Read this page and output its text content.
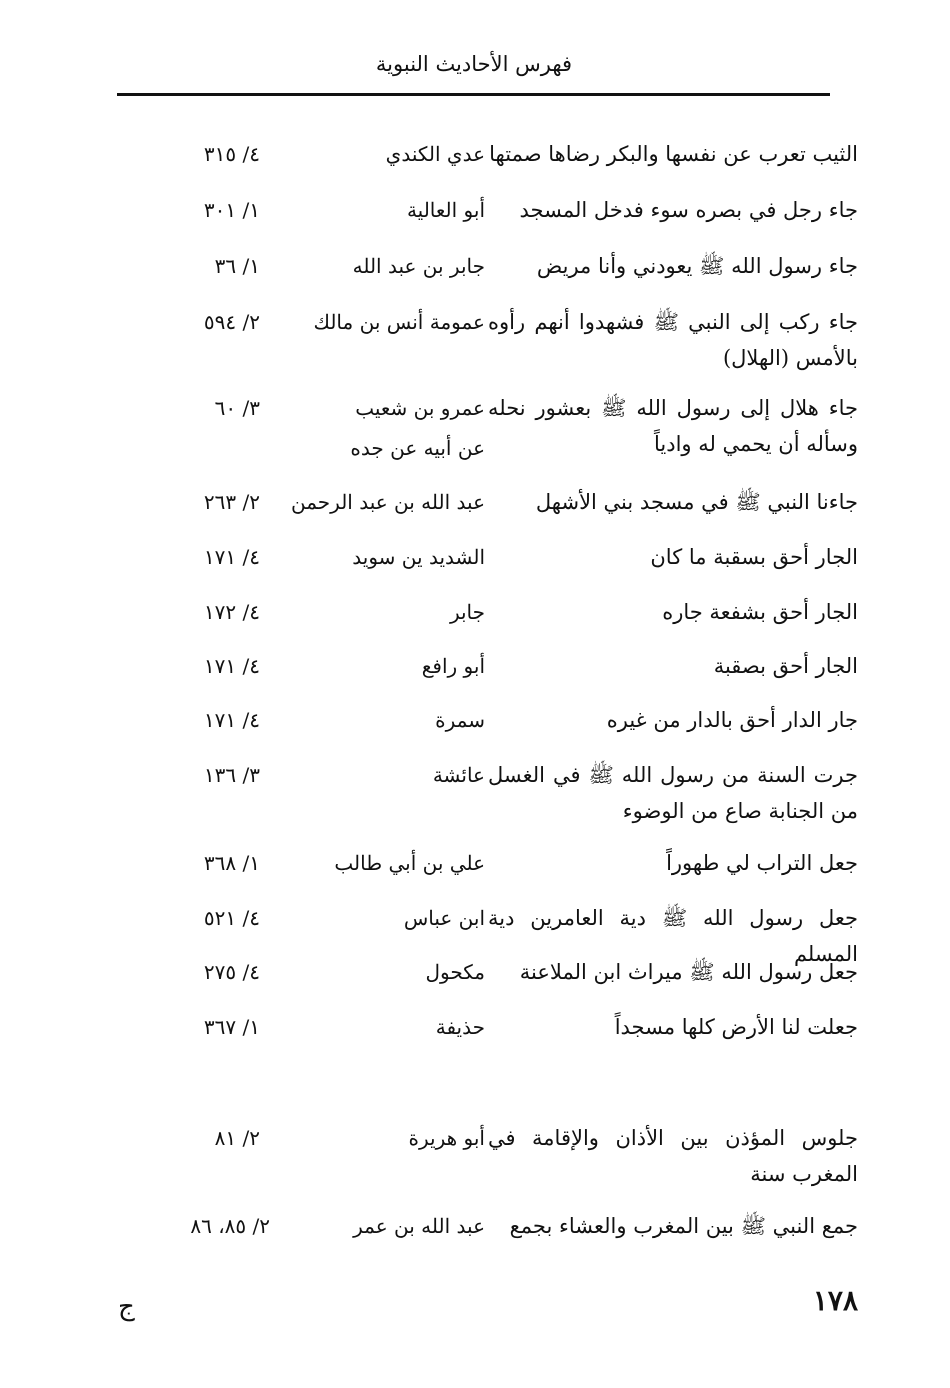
فهرس الأحاديث النبوية
الثيب تعرب عن نفسها والبكر رضاها صمتها
عدي الكندي
٤/ ٣١٥
جاء رجل في بصره سوء فدخل المسجد
أبو العالية
١/ ٣٠١
جاء رسول الله ﷺ يعودني وأنا مريض
جابر بن عبد الله
١/ ٣٦
جاء ركب إلى النبي ﷺ فشهدوا أنهم رأوه بالأمس (الهلال)
عمومة أنس بن مالك
٢/ ٥٩٤
جاء هلال إلى رسول الله ﷺ بعشور نحله وسأله أن يحمي له وادياً
عمرو بن شعيب عن أبيه عن جده
٣/ ٦٠
جاءنا النبي ﷺ في مسجد بني الأشهل
عبد الله بن عبد الرحمن
٢/ ٢٦٣
الجار أحق بسقبة ما كان
الشديد ين سويد
٤/ ١٧١
الجار أحق بشفعة جاره
جابر
٤/ ١٧٢
الجار أحق بصقبة
أبو رافع
٤/ ١٧١
جار الدار أحق بالدار من غيره
سمرة
٤/ ١٧١
جرت السنة من رسول الله ﷺ في الغسل من الجنابة صاع من الوضوء
عائشة
٣/ ١٣٦
جعل التراب لي طهوراً
علي بن أبي طالب
١/ ٣٦٨
جعل رسول الله ﷺ دية العامرين دية المسلم
ابن عباس
٤/ ٥٢١
جعل رسول الله ﷺ ميراث ابن الملاعنة
مكحول
٤/ ٢٧٥
جعلت لنا الأرض كلها مسجداً
حذيفة
١/ ٣٦٧
جلوس المؤذن بين الأذان والإقامة في المغرب سنة
أبو هريرة
٢/ ٨١
جمع النبي ﷺ بين المغرب والعشاء بجمع
عبد الله بن عمر
٢/ ٨٥، ٨٦
١٧٨
ج
